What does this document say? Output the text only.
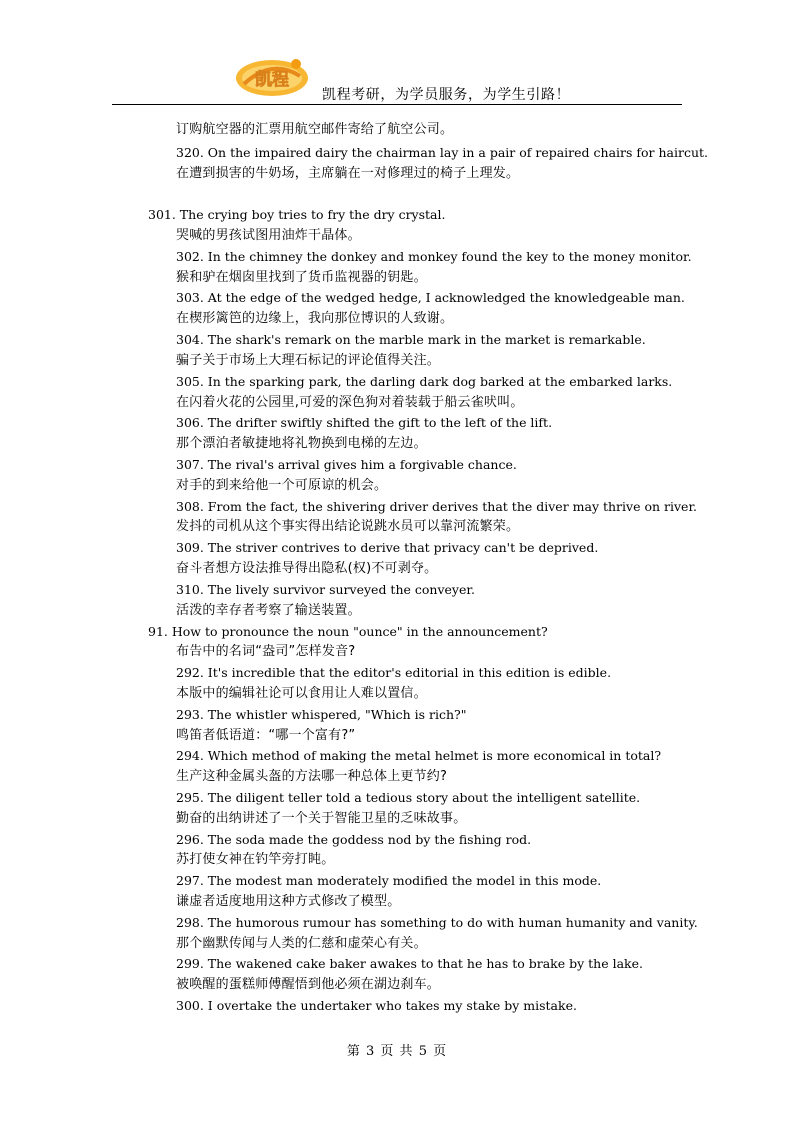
凯程
凯程考研，为学员服务，为学生引路！
订购航空器的汇票用航空邮件寄给了航空公司。
320. On the impaired dairy the chairman lay in a pair of repaired chairs for haircut.
在遭到损害的牛奶场，主席躺在一对修理过的椅子上理发。
301. The crying boy tries to fry the dry crystal.
哭喊的男孩试图用油炸干晶体。
302. In the chimney the donkey and monkey found the key to the money monitor.
猴和驴在烟囱里找到了货币监视器的钥匙。
303. At the edge of the wedged hedge, I acknowledged the knowledgeable man.
在楔形篱笆的边缘上，我向那位博识的人致谢。
304. The shark's remark on the marble mark in the market is remarkable.
骗子关于市场上大理石标记的评论值得关注。
305. In the sparking park, the darling dark dog barked at the embarked larks.
在闪着火花的公园里,可爱的深色狗对着装载于船云雀吠叫。
306. The drifter swiftly shifted the gift to the left of the lift.
那个漂泊者敏捷地将礼物换到电梯的左边。
307. The rival's arrival gives him a forgivable chance.
对手的到来给他一个可原谅的机会。
308. From the fact, the shivering driver derives that the diver may thrive on river.
发抖的司机从这个事实得出结论说跳水员可以靠河流繁荣。
309. The striver contrives to derive that privacy can't be deprived.
奋斗者想方设法推导得出隐私(权)不可剥夺。
310. The lively survivor surveyed the conveyer.
活泼的幸存者考察了输送装置。
91. How to pronounce the noun "ounce" in the announcement?
布告中的名词“盎司”怎样发音?
292. It's incredible that the editor's editorial in this edition is edible.
本版中的编辑社论可以食用让人难以置信。
293. The whistler whispered, "Which is rich?"
鸣笛者低语道：“哪一个富有?”
294. Which method of making the metal helmet is more economical in total?
生产这种金属头盔的方法哪一种总体上更节约?
295. The diligent teller told a tedious story about the intelligent satellite.
勤奋的出纳讲述了一个关于智能卫星的乏味故事。
296. The soda made the goddess nod by the fishing rod.
苏打使女神在钓竿旁打盹。
297. The modest man moderately modified the model in this mode.
谦虚者适度地用这种方式修改了模型。
298. The humorous rumour has something to do with human humanity and vanity.
那个幽默传闻与人类的仁慈和虚荣心有关。
299. The wakened cake baker awakes to that he has to brake by the lake.
被唤醒的蛋糕师傅醒悟到他必须在湖边刹车。
300. I overtake the undertaker who takes my stake by mistake.
第 3 页 共 5 页
